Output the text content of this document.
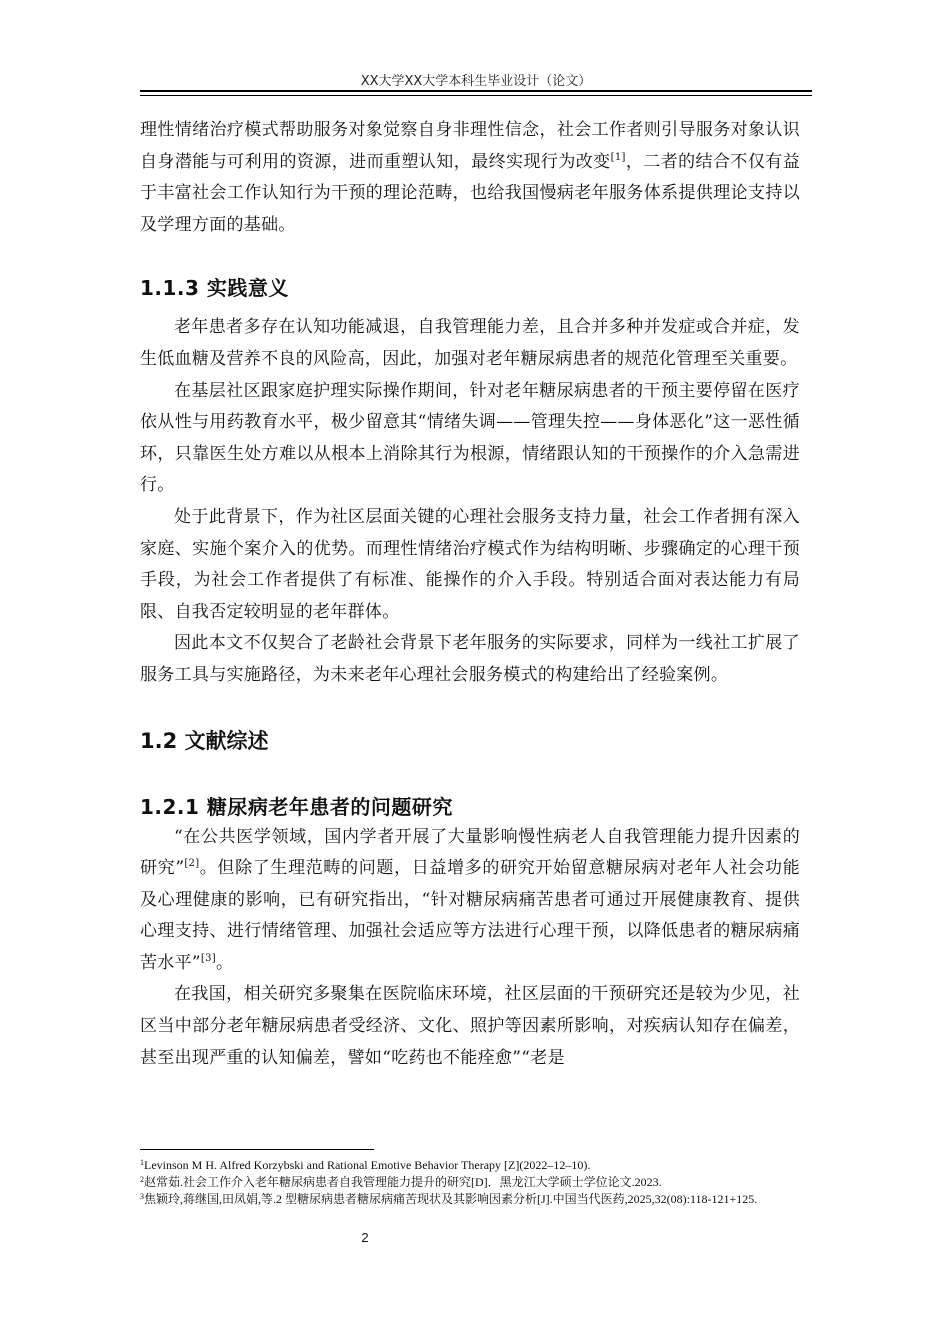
XX大学XX大学本科生毕业设计（论文）

理性情绪治疗模式帮助服务对象觉察自身非理性信念，社会工作者则引导服务对象认识自身潜能与可利用的资源，进而重塑认知，最终实现行为改变[1]，二者的结合不仅有益于丰富社会工作认知行为干预的理论范畴，也给我国慢病老年服务体系提供理论支持以及学理方面的基础。

1.1.3 实践意义

老年患者多存在认知功能减退，自我管理能力差，且合并多种并发症或合并症，发生低血糖及营养不良的风险高，因此，加强对老年糖尿病患者的规范化管理至关重要。

在基层社区跟家庭护理实际操作期间，针对老年糖尿病患者的干预主要停留在医疗依从性与用药教育水平，极少留意其“情绪失调——管理失控——身体恶化”这一恶性循环，只靠医生处方难以从根本上消除其行为根源，情绪跟认知的干预操作的介入急需进行。

处于此背景下，作为社区层面关键的心理社会服务支持力量，社会工作者拥有深入家庭、实施个案介入的优势。而理性情绪治疗模式作为结构明晰、步骤确定的心理干预手段，为社会工作者提供了有标准、能操作的介入手段。特别适合面对表达能力有局限、自我否定较明显的老年群体。

因此本文不仅契合了老龄社会背景下老年服务的实际要求，同样为一线社工扩展了服务工具与实施路径，为未来老年心理社会服务模式的构建给出了经验案例。

1.2 文献综述
1.2.1 糖尿病老年患者的问题研究

“在公共医学领域，国内学者开展了大量影响慢性病老人自我管理能力提升因素的研究”[2]。但除了生理范畴的问题，日益增多的研究开始留意糖尿病对老年人社会功能及心理健康的影响，已有研究指出，“针对糖尿病痛苦患者可通过开展健康教育、提供心理支持、进行情绪管理、加强社会适应等方法进行心理干预，以降低患者的糖尿病痛苦水平”[3]。

在我国，相关研究多聚集在医院临床环境，社区层面的干预研究还是较为少见，社区当中部分老年糖尿病患者受经济、文化、照护等因素所影响，对疾病认知存在偏差，甚至出现严重的认知偏差，譬如“吃药也不能痊愈”“老是

$^1$Levinson M H. Alfred Korzybski and Rational Emotive Behavior Therapy [Z](2022–12–10).

$^2$赵常茹.社会工作介入老年糖尿病患者自我管理能力提升的研究[D]．黑龙江大学硕士学位论文.2023.

$^3$焦颖玲,蒋继国,田凤娟,等.2 型糖尿病患者糖尿病痛苦现状及其影响因素分析[J].中国当代医药,2025,32(08):118-121+125.

2
